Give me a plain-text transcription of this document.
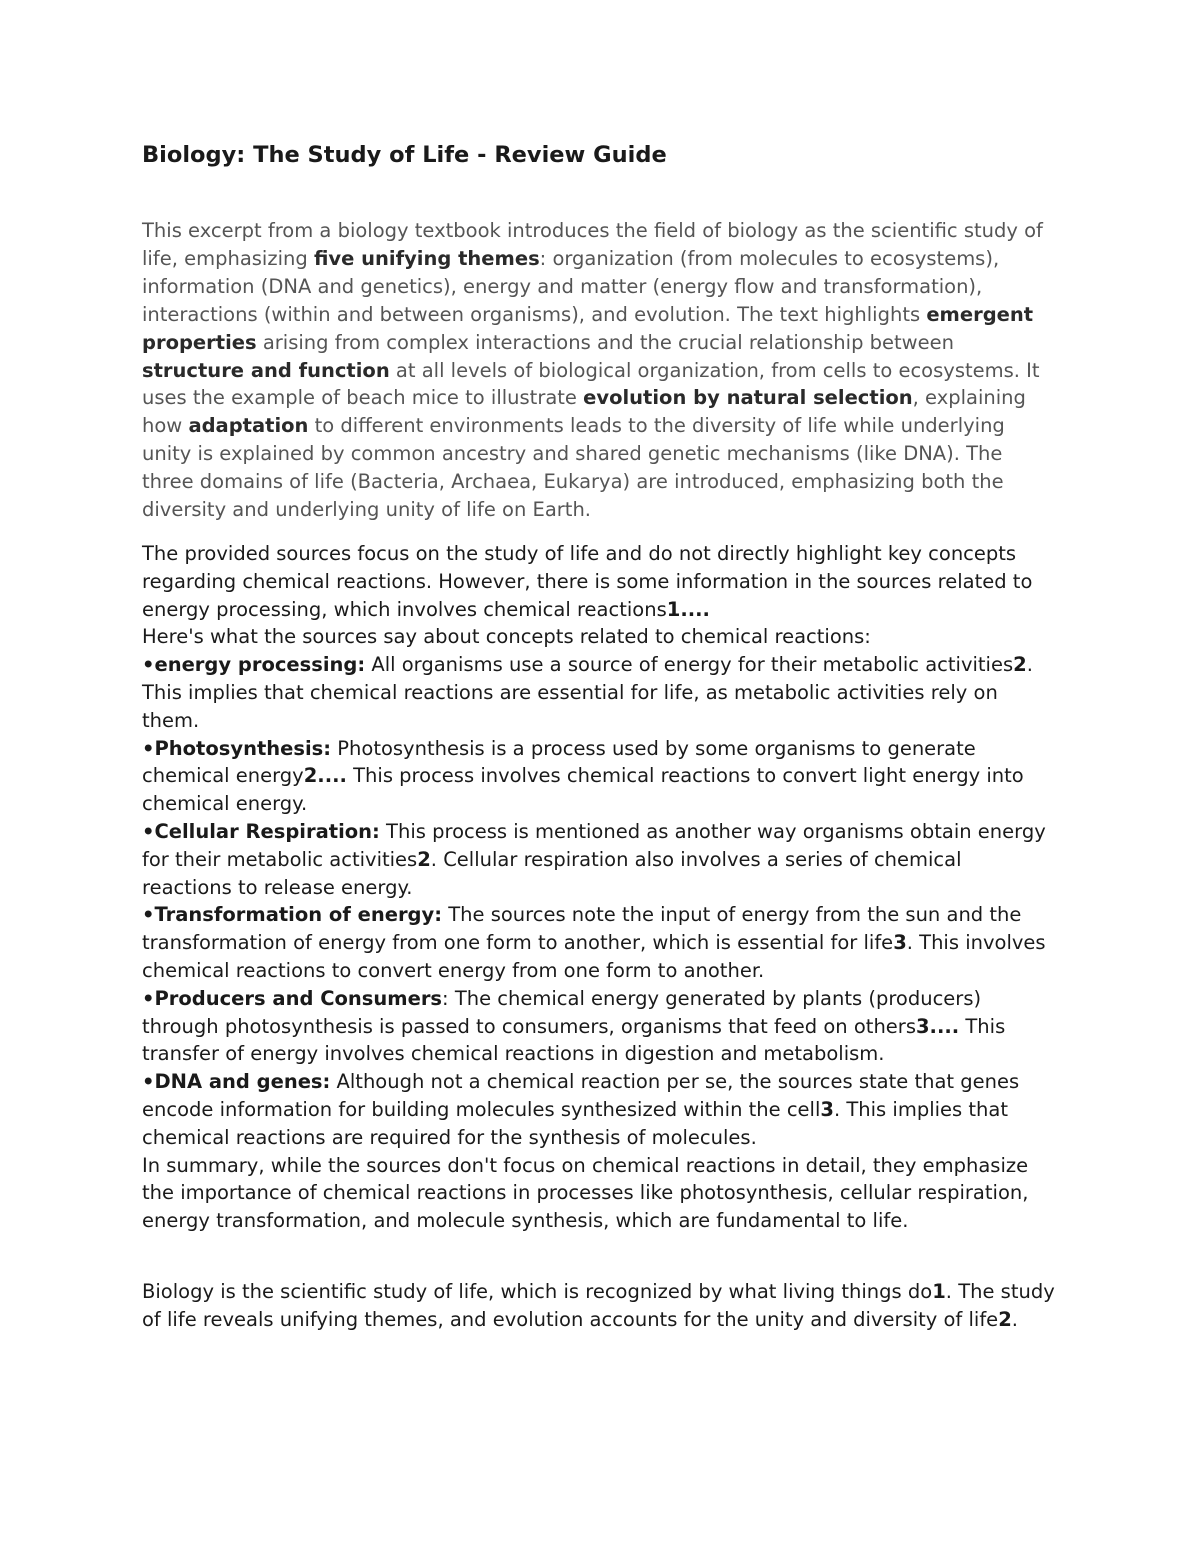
Biology: The Study of Life - Review Guide

This excerpt from a biology textbook introduces the field of biology as the scientific study of life, emphasizing five unifying themes: organization (from molecules to ecosystems), information (DNA and genetics), energy and matter (energy flow and transformation), interactions (within and between organisms), and evolution. The text highlights emergent properties arising from complex interactions and the crucial relationship between structure and function at all levels of biological organization, from cells to ecosystems. It uses the example of beach mice to illustrate evolution by natural selection, explaining how adaptation to different environments leads to the diversity of life while underlying unity is explained by common ancestry and shared genetic mechanisms (like DNA). The three domains of life (Bacteria, Archaea, Eukarya) are introduced, emphasizing both the diversity and underlying unity of life on Earth.

The provided sources focus on the study of life and do not directly highlight key concepts regarding chemical reactions. However, there is some information in the sources related to energy processing, which involves chemical reactions1....
Here's what the sources say about concepts related to chemical reactions:
•energy processing: All organisms use a source of energy for their metabolic activities2. This implies that chemical reactions are essential for life, as metabolic activities rely on them.
•Photosynthesis: Photosynthesis is a process used by some organisms to generate chemical energy2.... This process involves chemical reactions to convert light energy into chemical energy.
•Cellular Respiration: This process is mentioned as another way organisms obtain energy for their metabolic activities2. Cellular respiration also involves a series of chemical reactions to release energy.
•Transformation of energy: The sources note the input of energy from the sun and the transformation of energy from one form to another, which is essential for life3. This involves chemical reactions to convert energy from one form to another.
•Producers and Consumers: The chemical energy generated by plants (producers) through photosynthesis is passed to consumers, organisms that feed on others3.... This transfer of energy involves chemical reactions in digestion and metabolism.
•DNA and genes: Although not a chemical reaction per se, the sources state that genes encode information for building molecules synthesized within the cell3. This implies that chemical reactions are required for the synthesis of molecules.
In summary, while the sources don't focus on chemical reactions in detail, they emphasize the importance of chemical reactions in processes like photosynthesis, cellular respiration, energy transformation, and molecule synthesis, which are fundamental to life.

Biology is the scientific study of life, which is recognized by what living things do1. The study of life reveals unifying themes, and evolution accounts for the unity and diversity of life2.
